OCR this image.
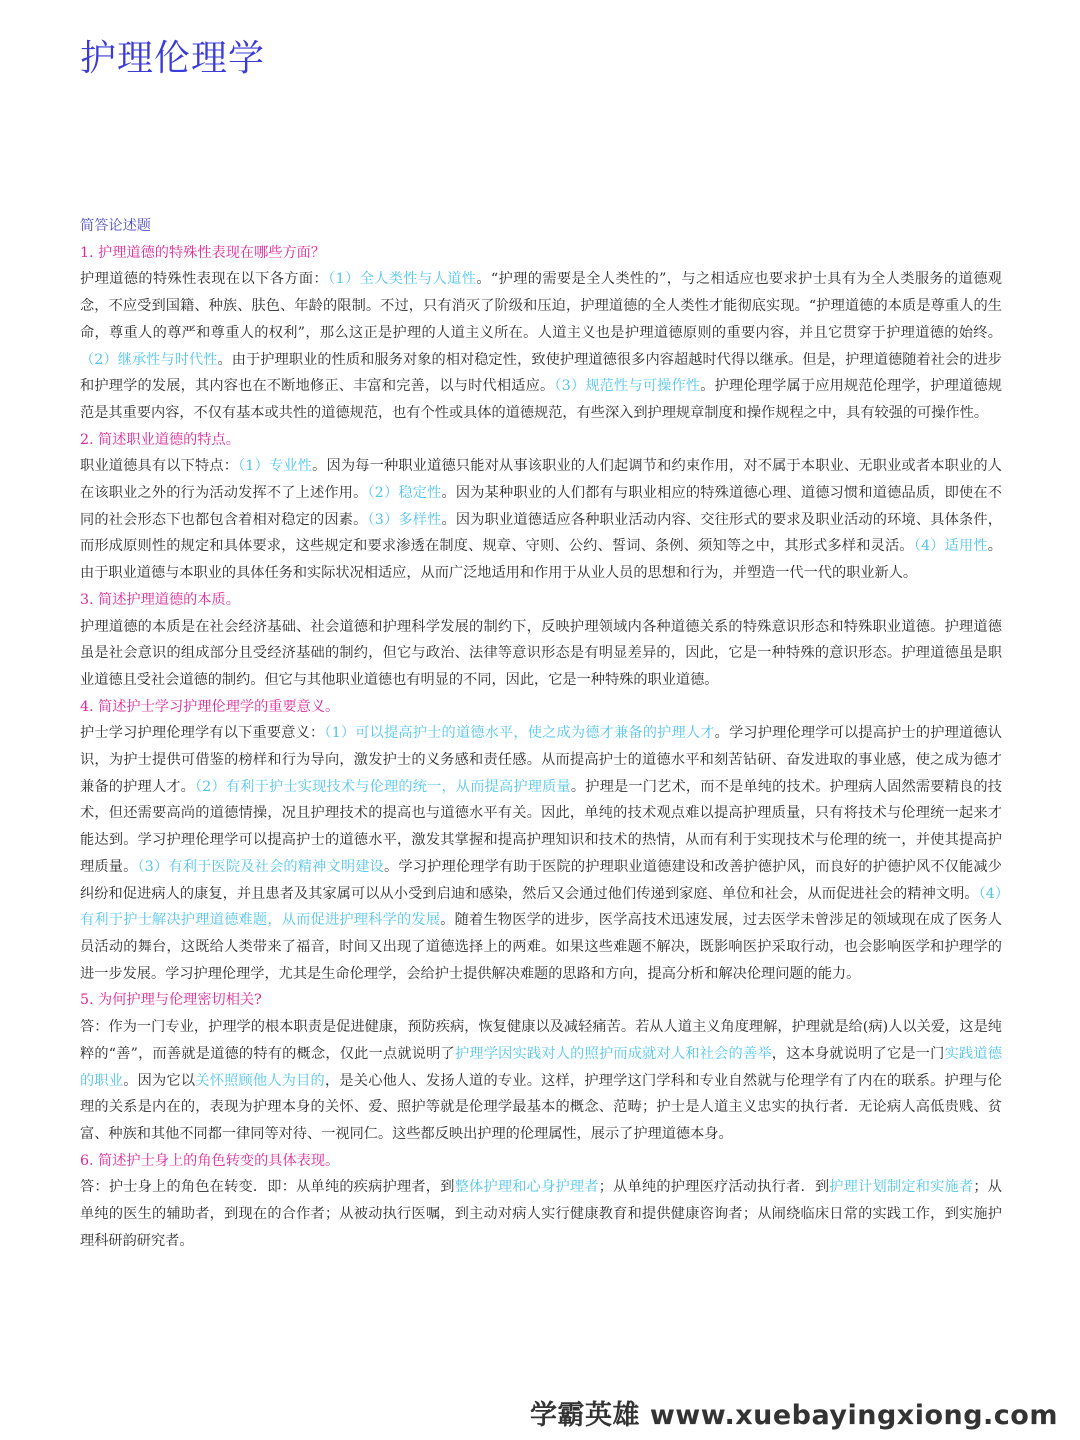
护理伦理学
简答论述题
1. 护理道德的特殊性表现在哪些方面？
护理道德的特殊性表现在以下各方面：（1）全人类性与人道性。“护理的需要是全人类性的”，与之相适应也要求护士具有为全人类服务的道德观念，不应受到国籍、种族、肤色、年龄的限制。不过，只有消灭了阶级和压迫，护理道德的全人类性才能彻底实现。“护理道德的本质是尊重人的生命，尊重人的尊严和尊重人的权利”，那么这正是护理的人道主义所在。人道主义也是护理道德原则的重要内容，并且它贯穿于护理道德的始终。（2）继承性与时代性。由于护理职业的性质和服务对象的相对稳定性，致使护理道德很多内容超越时代得以继承。但是，护理道德随着社会的进步和护理学的发展，其内容也在不断地修正、丰富和完善，以与时代相适应。（3）规范性与可操作性。护理伦理学属于应用规范伦理学，护理道德规范是其重要内容，不仅有基本或共性的道德规范，也有个性或具体的道德规范，有些深入到护理规章制度和操作规程之中，具有较强的可操作性。
2. 简述职业道德的特点。
职业道德具有以下特点：（1）专业性。因为每一种职业道德只能对从事该职业的人们起调节和约束作用，对不属于本职业、无职业或者本职业的人在该职业之外的行为活动发挥不了上述作用。（2）稳定性。因为某种职业的人们都有与职业相应的特殊道德心理、道德习惯和道德品质，即使在不同的社会形态下也都包含着相对稳定的因素。（3）多样性。因为职业道德适应各种职业活动内容、交往形式的要求及职业活动的环境、具体条件，而形成原则性的规定和具体要求，这些规定和要求渗透在制度、规章、守则、公约、誓词、条例、须知等之中，其形式多样和灵活。（4）适用性。由于职业道德与本职业的具体任务和实际状况相适应，从而广泛地适用和作用于从业人员的思想和行为，并塑造一代一代的职业新人。
3. 简述护理道德的本质。
护理道德的本质是在社会经济基础、社会道德和护理科学发展的制约下，反映护理领域内各种道德关系的特殊意识形态和特殊职业道德。护理道德虽是社会意识的组成部分且受经济基础的制约，但它与政治、法律等意识形态是有明显差异的，因此，它是一种特殊的意识形态。护理道德虽是职业道德且受社会道德的制约。但它与其他职业道德也有明显的不同，因此，它是一种特殊的职业道德。
4. 简述护士学习护理伦理学的重要意义。
护士学习护理伦理学有以下重要意义：（1）可以提高护士的道德水平，使之成为德才兼备的护理人才。学习护理伦理学可以提高护士的护理道德认识，为护士提供可借鉴的榜样和行为导向，激发护士的义务感和责任感。从而提高护士的道德水平和刻苦钻研、奋发进取的事业感，使之成为德才兼备的护理人才。（2）有利于护士实现技术与伦理的统一，从而提高护理质量。护理是一门艺术，而不是单纯的技术。护理病人固然需要精良的技术，但还需要高尚的道德情操，况且护理技术的提高也与道德水平有关。因此，单纯的技术观点难以提高护理质量，只有将技术与伦理统一起来才能达到。学习护理伦理学可以提高护士的道德水平，激发其掌握和提高护理知识和技术的热情，从而有利于实现技术与伦理的统一，并使其提高护理质量。（3）有利于医院及社会的精神文明建设。学习护理伦理学有助于医院的护理职业道德建设和改善护德护风，而良好的护德护风不仅能减少纠纷和促进病人的康复，并且患者及其家属可以从小受到启迪和感染，然后又会通过他们传递到家庭、单位和社会，从而促进社会的精神文明。（4）有利于护士解决护理道德难题，从而促进护理科学的发展。随着生物医学的进步，医学高技术迅速发展，过去医学未曾涉足的领域现在成了医务人员活动的舞台，这既给人类带来了福音，时间又出现了道德选择上的两难。如果这些难题不解决，既影响医护采取行动，也会影响医学和护理学的进一步发展。学习护理伦理学，尤其是生命伦理学，会给护士提供解决难题的思路和方向，提高分析和解决伦理问题的能力。
5. 为何护理与伦理密切相关?
答：作为一门专业，护理学的根本职责是促进健康，预防疾病，恢复健康以及减轻痛苦。若从人道主义角度理解，护理就是给(病)人以关爱，这是纯粹的“善”，而善就是道德的特有的概念，仅此一点就说明了护理学因实践对人的照护而成就对人和社会的善举，这本身就说明了它是一门实践道德的职业。因为它以关怀照顾他人为目的，是关心他人、发扬人道的专业。这样，护理学这门学科和专业自然就与伦理学有了内在的联系。护理与伦理的关系是内在的，表现为护理本身的关怀、爱、照护等就是伦理学最基本的概念、范畴；护士是人道主义忠实的执行者．无论病人高低贵贱、贫富、种族和其他不同都一律同等对待、一视同仁。这些都反映出护理的伦理属性，展示了护理道德本身。
6. 简述护士身上的角色转变的具体表现。
答：护士身上的角色在转变．即：从单纯的疾病护理者，到整体护理和心身护理者；从单纯的护理医疗活动执行者．到护理计划制定和实施者；从单纯的医生的辅助者，到现在的合作者；从被动执行医嘱，到主动对病人实行健康教育和提供健康咨询者；从闹绕临床日常的实践工作，到实施护理科研韵研究者。
学霸英雄 www.xuebayingxiong.com
